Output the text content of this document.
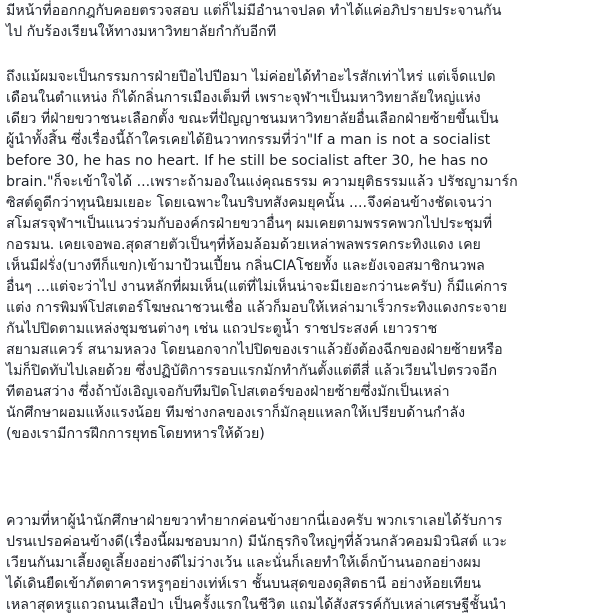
มีหน้าที่ออกกฎกับคอยตรวจสอบ แต่ก็ไม่มีอำนาจปลด ทำได้แค่อภิปรายประจานกัน
ไป กับร้องเรียนให้ทางมหาวิทยาลัยกำกับอีกที
ถึงแม้ผมจะเป็นกรรมการฝ่ายปีอไปปีอมา ไม่ค่อยได้ทำอะไรสักเท่าไหร่ แต่เจ็ดแปด
เดือนในตำแหน่ง ก็ได้กลิ่นการเมืองเต็มที่ เพราะจุฬาฯเป็นมหาวิทยาลัยใหญ่แห่ง
เดียว ที่ฝ่ายขวาชนะเลือกตั้ง ขณะที่ปัญญาชนมหาวิทยาลัยอื่นเลือกฝ่ายซ้ายขึ้นเป็น
ผู้นำทั้งสิ้น ซึ่งเรื่องนี้ถ้าใครเคยได้ยินวาทกรรมที่ว่า"If a man is not a socialist
before 30, he has no heart. If he still be socialist after 30, he has no
brain."ก็จะเข้าใจได้ ...เพราะถ้ามองในแง่คุณธรรม ความยุติธรรมแล้ว ปรัชญามาร์ก
ซิสต์ดูดีกว่าทุนนิยมเยอะ โดยเฉพาะในบริบทสังคมยุคนั้น ....จึงค่อนข้างชัดเจนว่า
สโมสรจุฬาฯเป็นแนวร่วมกับองค์กรฝ่ายขวาอื่นๆ ผมเคยตามพรรคพวกไปประชุมที่
กอรมน. เคยเจอพอ.สุดสายตัวเป็นๆที่ห้อมล้อมด้วยเหล่าพลพรรคกระทิงแดง เคย
เห็นมีฝรั่ง(บางทีก็แขก)เข้ามาป้วนเปี้ยน กลิ่นCIAโชยทั้ง และยังเจอสมาชิกนวพล
อื่นๆ ...แต่จะว่าไป งานหลักที่ผมเห็น(แต่ที่ไม่เห็นน่าจะมีเยอะกว่านะครับ) ก็มีแค่การ
แต่ง การพิมพ์โปสเตอร์โฆษณาชวนเชื่อ แล้วก็มอบให้เหล่ามาเร็วกระทิงแดงกระจาย
กันไปปิดตามแหล่งชุมชนต่างๆ เช่น แถวประตูน้ำ ราชประสงค์ เยาวราช
สยามสแควร์ สนามหลวง โดยนอกจากไปปิดของเราแล้วยังต้องฉีกของฝ่ายซ้ายหรือ
ไม่ก็ปิดทับไปเลยด้วย ซึ่งปฏิบัติการรอบแรกมักทำกันตั้งแต่ตีสี่ แล้วเวียนไปตรวจอีก
ทีตอนสว่าง ซึ่งถ้าบังเอิญเจอกับทีมปิดโปสเตอร์ของฝ่ายซ้ายซึ่งมักเป็นเหล่า
นักศึกษาผอมแห้งแรงน้อย ทีมช่างกลของเราก็มักลุยแหลกให้เปรียบด้านกำลัง
(ของเรามีการฝึกการยุทธโดยทหารให้ด้วย)
ความที่หาผู้นำนักศึกษาฝ่ายขวาทำยากค่อนข้างยากนี่เองครับ พวกเราเลยได้รับการ
ปรนเปรอค่อนข้างดี(เรื่องนี้ผมชอบมาก) มีนักธุรกิจใหญ่ๆที่ล้วนกลัวคอมมิวนิสต์ แวะ
เวียนกันมาเลี้ยงดูเลี้ยงอย่างดีไม่ว่างเว้น และนั่นก็เลยทำให้เด็กบ้านนอกอย่างผม
ได้เดินยืดเข้าภัตตาคารหรูๆอย่างเท่ห์เรา ชั้นบนสุดของดุสิตธานี อย่างห้อยเทียน
เหลาสุดหรูแถวถนนเสือป่า เป็นครั้งแรกในชีวิต แถมได้สังสรรค์กับเหล่าเศรษฐีชั้นนำ
